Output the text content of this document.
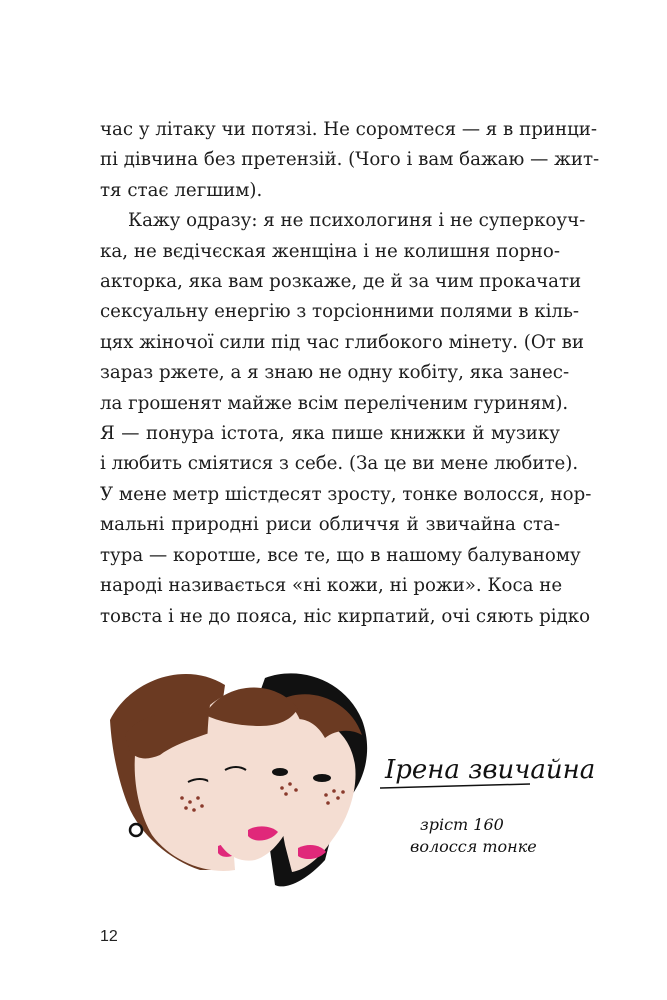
час у літаку чи потязі. Не соромтеся — я в принци-
пі дівчина без претензій. (Чого і вам бажаю — жит-
тя стає легшим).

Кажу одразу: я не психологиня і не суперкоуч-
ка, не вєдічєская женщіна і не колишня порно-
акторка, яка вам розкаже, де й за чим прокачати
сексуальну енергію з торсіонними полями в кіль-
цях жіночої сили під час глибокого мінету. (От ви
зараз ржете, а я знаю не одну кобіту, яка занес-
ла грошенят майже всім переліченим гуриням).
Я — понура істота, яка пише книжки й музику
і любить сміятися з себе. (За це ви мене любите).
У мене метр шістдесят зросту, тонке волосся, нор-
мальні природні риси обличчя й звичайна ста-
тура — коротше, все те, що в нашому балуваному
народі називається «ні кожи, ні рожи». Коса не
товста і не до пояса, ніс кирпатий, очі сяють рідко

Ірена звичайна
зріст 160
волосся тонке
12
